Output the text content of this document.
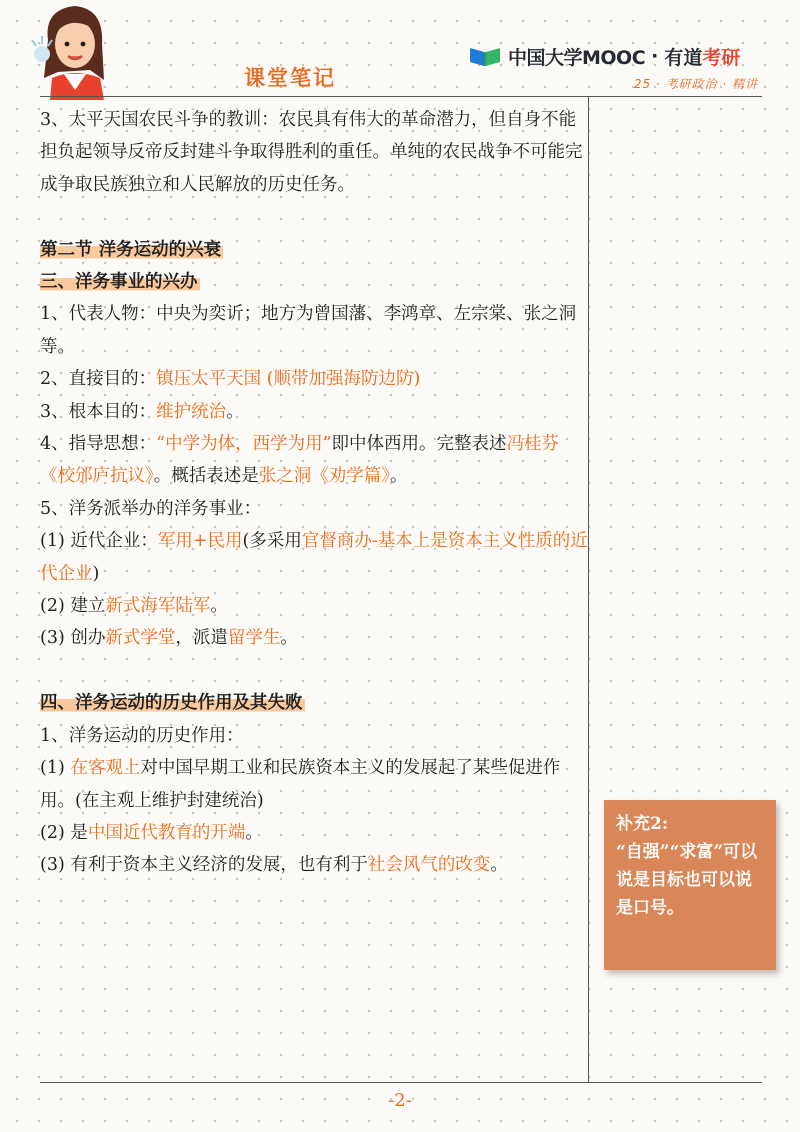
课堂笔记
中国大学MOOC · 有道 考研
25 · 考研政治 · 精讲

3、太平天国农民斗争的教训：农民具有伟大的革命潜力，但自身不能担负起领导反帝反封建斗争取得胜利的重任。单纯的农民战争不可能完成争取民族独立和人民解放的历史任务。

第二节 洋务运动的兴衰

三、洋务事业的兴办

1、代表人物：中央为奕䜣；地方为曾国藩、李鸿章、左宗棠、张之洞等。

2、直接目的：镇压太平天国 (顺带加强海防边防)

3、根本目的：维护统治。

4、指导思想：“中学为体，西学为用”即中体西用。完整表述冯桂芬《校邠庐抗议》。概括表述是张之洞《劝学篇》。

5、洋务派举办的洋务事业：

(1) 近代企业：军用+民用(多采用官督商办-基本上是资本主义性质的近代企业)

(2) 建立新式海军陆军。

(3) 创办新式学堂，派遣留学生。

四、洋务运动的历史作用及其失败

1、洋务运动的历史作用：

(1) 在客观上对中国早期工业和民族资本主义的发展起了某些促进作用。(在主观上维护封建统治)

(2) 是中国近代教育的开端。

(3) 有利于资本主义经济的发展，也有利于社会风气的改变。

补充2:
“自强”“求富”可以说是目标也可以说是口号。
-2-
